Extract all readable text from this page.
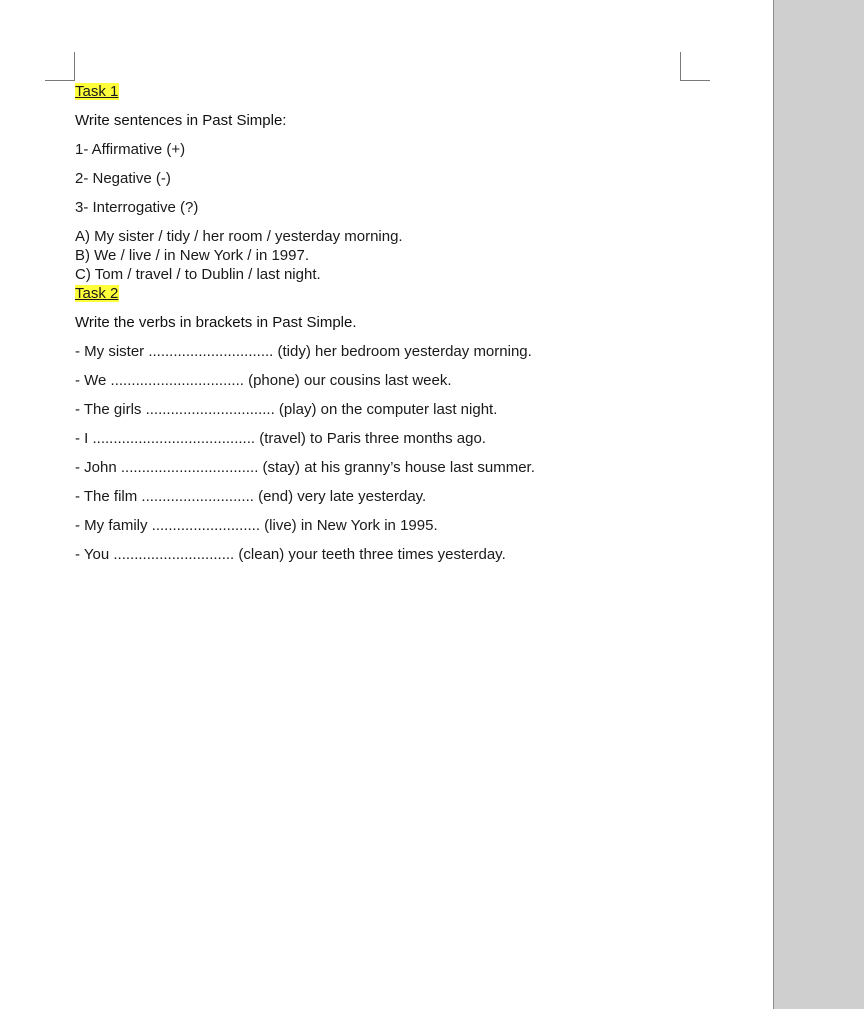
Task 1

Write sentences in Past Simple:

1- Affirmative (+)

2- Negative (-)

3- Interrogative (?)

A) My sister / tidy / her room / yesterday morning.

B) We / live / in New York / in 1997.

C) Tom / travel / to Dublin / last night.

Task 2

Write the verbs in brackets in Past Simple.

- My sister .............................. (tidy) her bedroom yesterday morning.

- We ................................ (phone) our cousins last week.

- The girls ............................... (play) on the computer last night.

- I ....................................... (travel) to Paris three months ago.

- John ................................. (stay) at his granny’s house last summer.

- The film ........................... (end) very late yesterday.

- My family .......................... (live) in New York in 1995.

- You ............................. (clean) your teeth three times yesterday.
